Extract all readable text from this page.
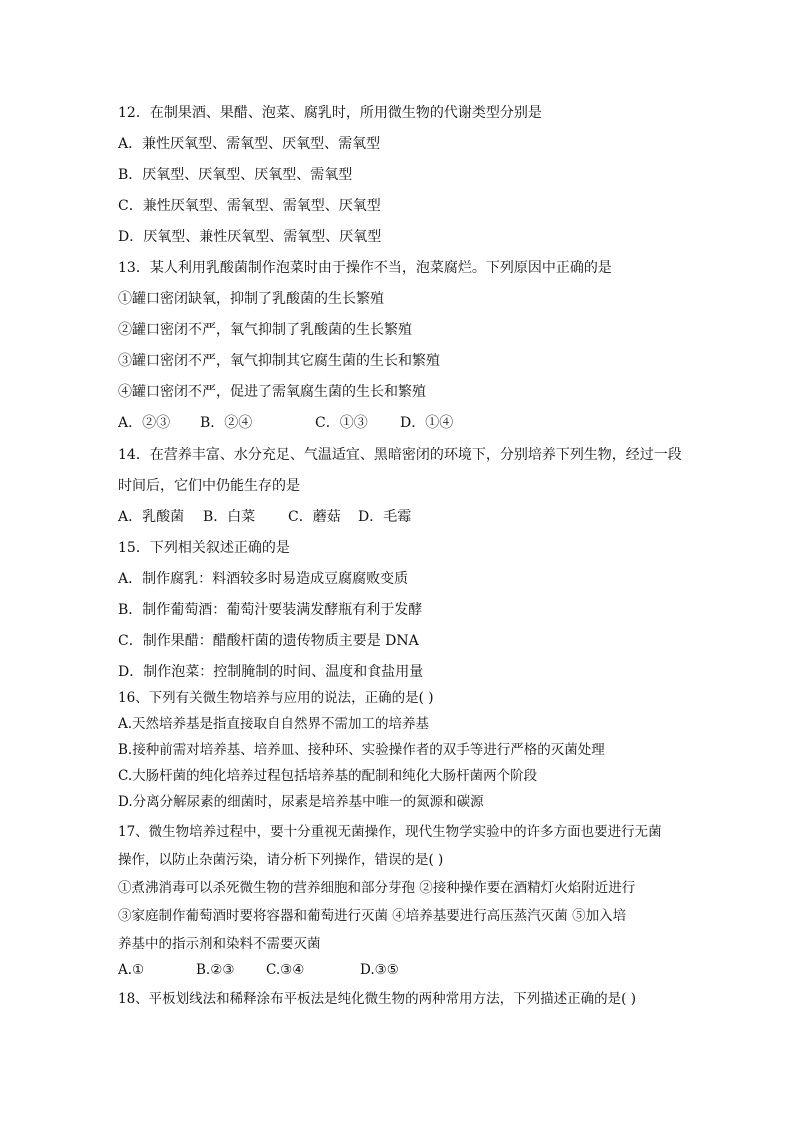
12．在制果酒、果醋、泡菜、腐乳时，所用微生物的代谢类型分别是
A．兼性厌氧型、需氧型、厌氧型、需氧型
B．厌氧型、厌氧型、厌氧型、需氧型
C．兼性厌氧型、需氧型、需氧型、厌氧型
D．厌氧型、兼性厌氧型、需氧型、厌氧型
13．某人利用乳酸菌制作泡菜时由于操作不当，泡菜腐烂。下列原因中正确的是
①罐口密闭缺氧，抑制了乳酸菌的生长繁殖
②罐口密闭不严，氧气抑制了乳酸菌的生长繁殖
③罐口密闭不严，氧气抑制其它腐生菌的生长和繁殖
④罐口密闭不严，促进了需氧腐生菌的生长和繁殖
A．②③ B．②④	C．①③ D．①④
14．在营养丰富、水分充足、气温适宜、黑暗密闭的环境下，分别培养下列生物，经过一段
时间后，它们中仍能生存的是
A．乳酸菌 B．白菜 C．蘑菇 D．毛霉
15．下列相关叙述正确的是
A．制作腐乳：料酒较多时易造成豆腐腐败变质
B．制作葡萄酒：葡萄汁要装满发酵瓶有利于发酵
C．制作果醋：醋酸杆菌的遗传物质主要是 DNA
D．制作泡菜：控制腌制的时间、温度和食盐用量
16、下列有关微生物培养与应用的说法，正确的是( )
A.天然培养基是指直接取自自然界不需加工的培养基
B.接种前需对培养基、培养皿、接种环、实验操作者的双手等进行严格的灭菌处理
C.大肠杆菌的纯化培养过程包括培养基的配制和纯化大肠杆菌两个阶段
D.分离分解尿素的细菌时，尿素是培养基中唯一的氮源和碳源
17、微生物培养过程中，要十分重视无菌操作，现代生物学实验中的许多方面也要进行无菌
操作，以防止杂菌污染，请分析下列操作，错误的是( )
①煮沸消毒可以杀死微生物的营养细胞和部分芽孢 ②接种操作要在酒精灯火焰附近进行
③家庭制作葡萄酒时要将容器和葡萄进行灭菌 ④培养基要进行高压蒸汽灭菌 ⑤加入培
养基中的指示剂和染料不需要灭菌
A.①	B.②③ C.③④	D.③⑤
18、平板划线法和稀释涂布平板法是纯化微生物的两种常用方法，下列描述正确的是( )
